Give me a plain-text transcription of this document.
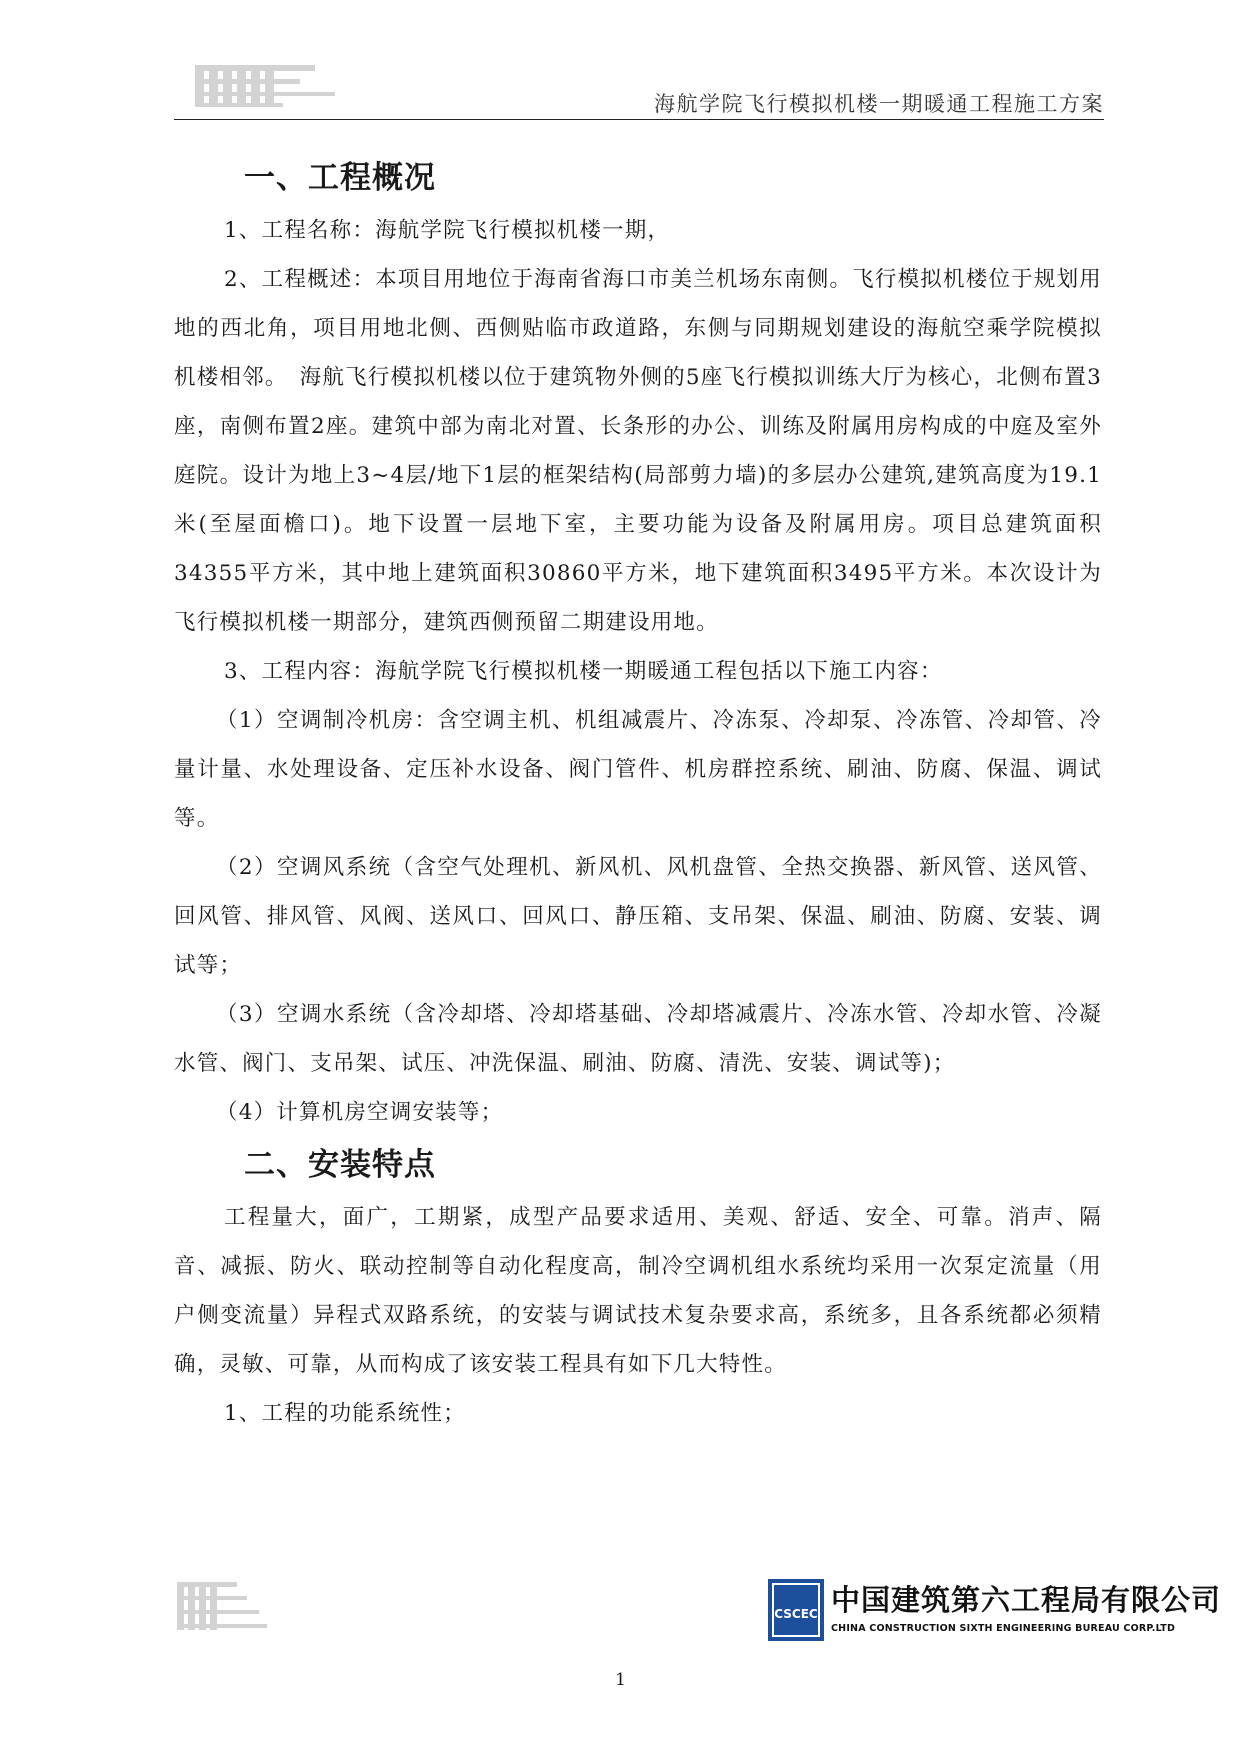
海航学院飞行模拟机楼一期暖通工程施工方案
一、工程概况

1、工程名称：海航学院飞行模拟机楼一期，

2、工程概述：本项目用地位于海南省海口市美兰机场东南侧。飞行模拟机楼位于规划用地的西北角，项目用地北侧、西侧贴临市政道路，东侧与同期规划建设的海航空乘学院模拟机楼相邻。　海航飞行模拟机楼以位于建筑物外侧的5座飞行模拟训练大厅为核心，北侧布置3座，南侧布置2座。建筑中部为南北对置、长条形的办公、训练及附属用房构成的中庭及室外庭院。设计为地上3~4层/地下1层的框架结构(局部剪力墙)的多层办公建筑,建筑高度为19.1米(至屋面檐口)。地下设置一层地下室，主要功能为设备及附属用房。项目总建筑面积34355平方米，其中地上建筑面积30860平方米，地下建筑面积3495平方米。本次设计为飞行模拟机楼一期部分，建筑西侧预留二期建设用地。

3、工程内容：海航学院飞行模拟机楼一期暖通工程包括以下施工内容：

（1）空调制冷机房：含空调主机、机组减震片、冷冻泵、冷却泵、冷冻管、冷却管、冷量计量、水处理设备、定压补水设备、阀门管件、机房群控系统、刷油、防腐、保温、调试等。

（2）空调风系统（含空气处理机、新风机、风机盘管、全热交换器、新风管、送风管、回风管、排风管、风阀、送风口、回风口、静压箱、支吊架、保温、刷油、防腐、安装、调试等；

（3）空调水系统（含冷却塔、冷却塔基础、冷却塔减震片、冷冻水管、冷却水管、冷凝水管、阀门、支吊架、试压、冲洗保温、刷油、防腐、清洗、安装、调试等)；

（4）计算机房空调安装等；

二、安装特点

工程量大，面广，工期紧，成型产品要求适用、美观、舒适、安全、可靠。消声、隔音、减振、防火、联动控制等自动化程度高，制冷空调机组水系统均采用一次泵定流量（用户侧变流量）异程式双路系统，的安装与调试技术复杂要求高，系统多，且各系统都必须精确，灵敏、可靠，从而构成了该安装工程具有如下几大特性。

1、工程的功能系统性；

CSCEC 中国建筑第六工程局有限公司
CHINA CONSTRUCTION SIXTH ENGINEERING BUREAU CORP.LTD
1
